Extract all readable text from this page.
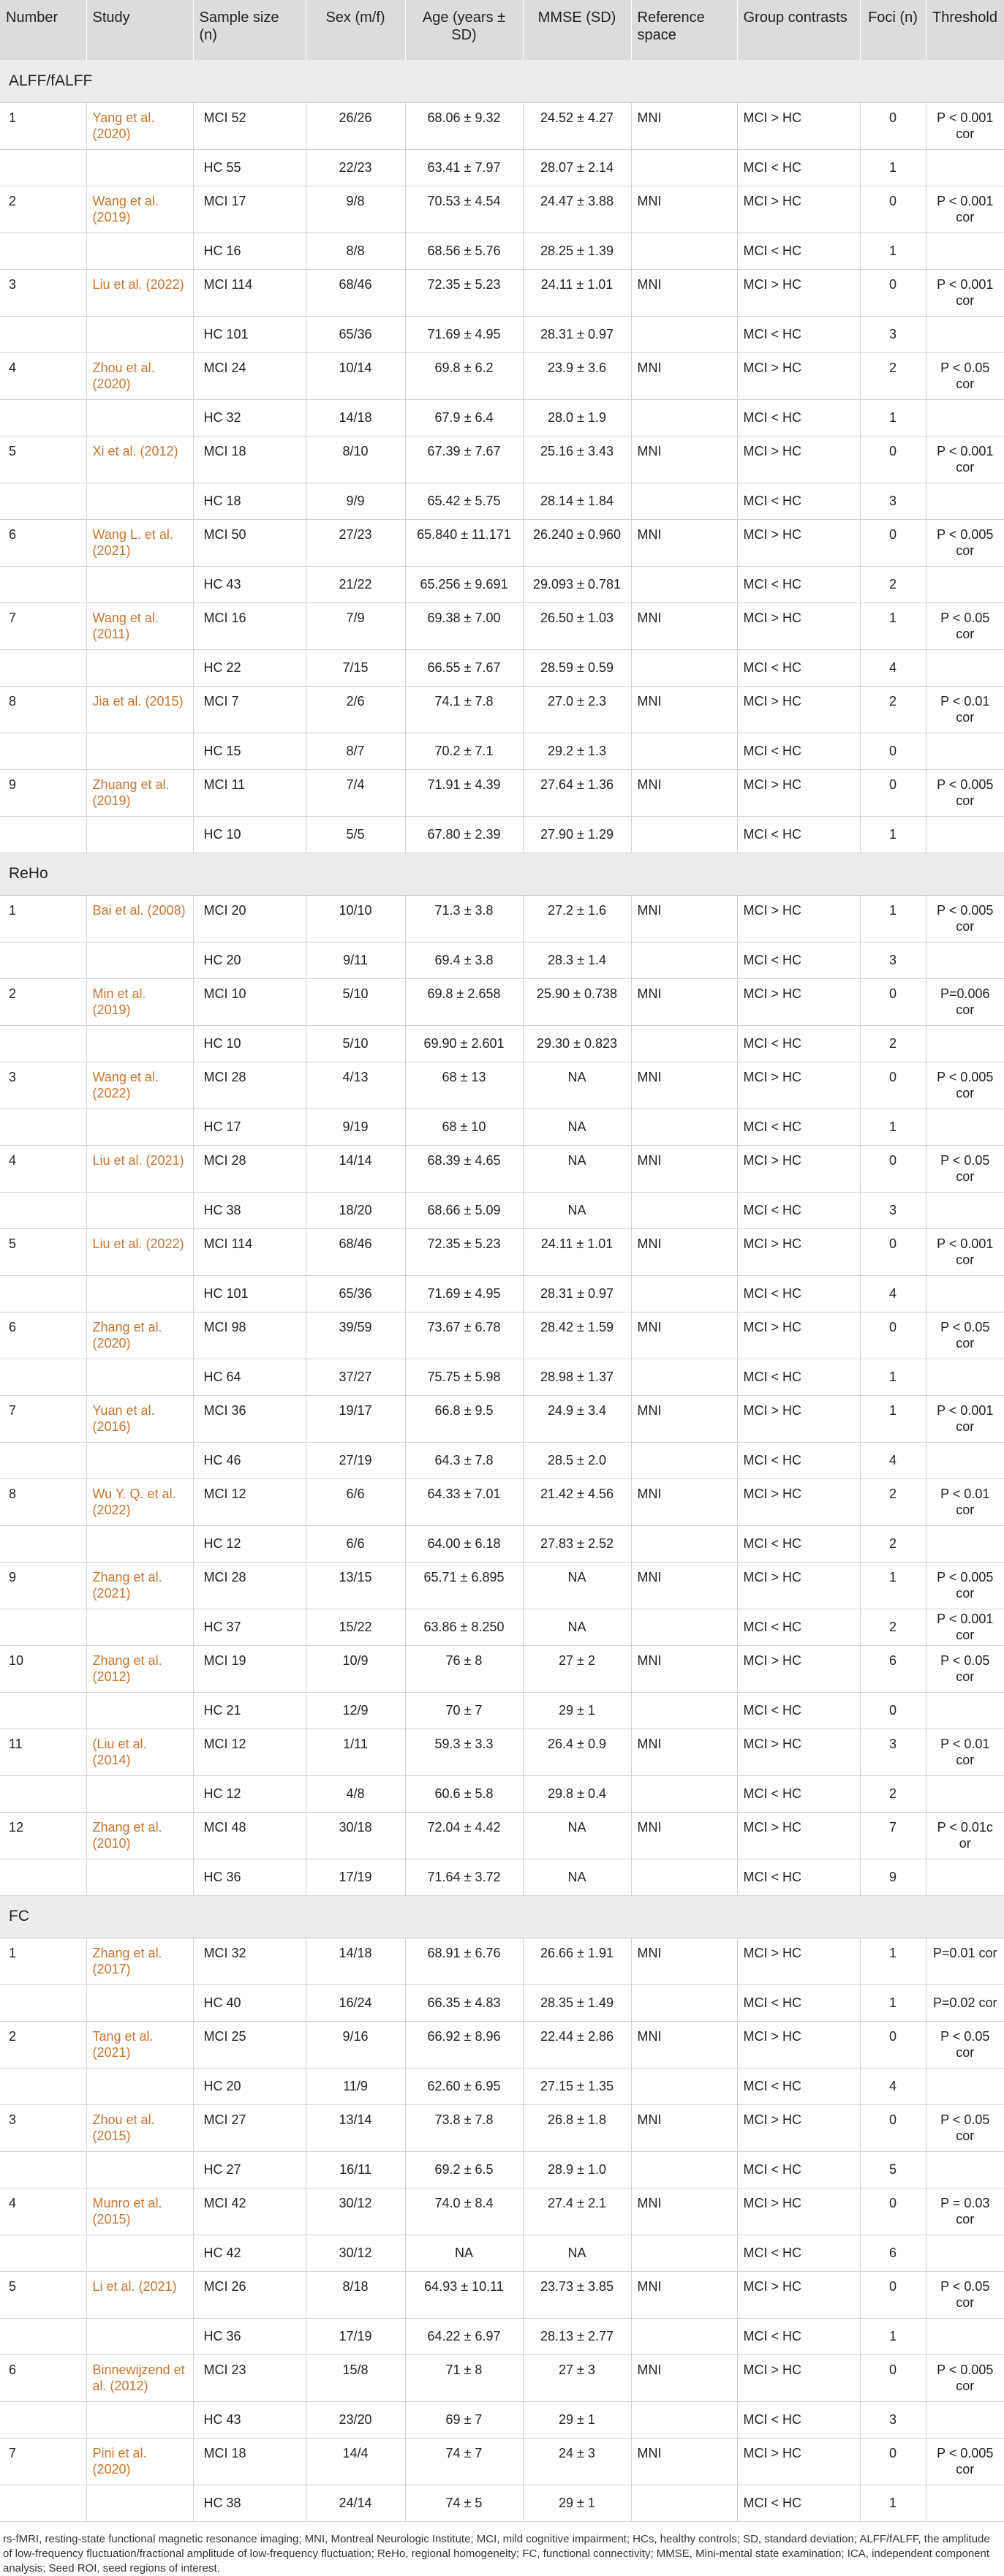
Number	Study	Sample size (n)	Sex (m/f)	Age (years ± SD)	MMSE (SD)	Reference space	Group contrasts	Foci (n)	Threshold
ALFF/fALFF									
1	Yang et al. (2020)	MCI 52	26/26	68.06 ± 9.32	24.52 ± 4.27	MNI	MCI > HC	0	P < 0.001 cor
		HC 55	22/23	63.41 ± 7.97	28.07 ± 2.14		MCI < HC	1	
2	Wang et al. (2019)	MCI 17	9/8	70.53 ± 4.54	24.47 ± 3.88	MNI	MCI > HC	0	P < 0.001 cor
		HC 16	8/8	68.56 ± 5.76	28.25 ± 1.39		MCI < HC	1	
3	Liu et al. (2022)	MCI 114	68/46	72.35 ± 5.23	24.11 ± 1.01	MNI	MCI > HC	0	P < 0.001 cor
		HC 101	65/36	71.69 ± 4.95	28.31 ± 0.97		MCI < HC	3	
4	Zhou et al. (2020)	MCI 24	10/14	69.8 ± 6.2	23.9 ± 3.6	MNI	MCI > HC	2	P < 0.05 cor
		HC 32	14/18	67.9 ± 6.4	28.0 ± 1.9		MCI < HC	1	
5	Xi et al. (2012)	MCI 18	8/10	67.39 ± 7.67	25.16 ± 3.43	MNI	MCI > HC	0	P < 0.001 cor
		HC 18	9/9	65.42 ± 5.75	28.14 ± 1.84		MCI < HC	3	
6	Wang L. et al. (2021)	MCI 50	27/23	65.840 ± 11.171	26.240 ± 0.960	MNI	MCI > HC	0	P < 0.005 cor
		HC 43	21/22	65.256 ± 9.691	29.093 ± 0.781		MCI < HC	2	
7	Wang et al. (2011)	MCI 16	7/9	69.38 ± 7.00	26.50 ± 1.03	MNI	MCI > HC	1	P < 0.05 cor
		HC 22	7/15	66.55 ± 7.67	28.59 ± 0.59		MCI < HC	4	
8	Jia et al. (2015)	MCI 7	2/6	74.1 ± 7.8	27.0 ± 2.3	MNI	MCI > HC	2	P < 0.01 cor
		HC 15	8/7	70.2 ± 7.1	29.2 ± 1.3		MCI < HC	0	
9	Zhuang et al. (2019)	MCI 11	7/4	71.91 ± 4.39	27.64 ± 1.36	MNI	MCI > HC	0	P < 0.005 cor
		HC 10	5/5	67.80 ± 2.39	27.90 ± 1.29		MCI < HC	1	
ReHo									
1	Bai et al. (2008)	MCI 20	10/10	71.3 ± 3.8	27.2 ± 1.6	MNI	MCI > HC	1	P < 0.005 cor
		HC 20	9/11	69.4 ± 3.8	28.3 ± 1.4		MCI < HC	3	
2	Min et al. (2019)	MCI 10	5/10	69.8 ± 2.658	25.90 ± 0.738	MNI	MCI > HC	0	P=0.006 cor
		HC 10	5/10	69.90 ± 2.601	29.30 ± 0.823		MCI < HC	2	
3	Wang et al. (2022)	MCI 28	4/13	68 ± 13	NA	MNI	MCI > HC	0	P < 0.005 cor
		HC 17	9/19	68 ± 10	NA		MCI < HC	1	
4	Liu et al. (2021)	MCI 28	14/14	68.39 ± 4.65	NA	MNI	MCI > HC	0	P < 0.05 cor
		HC 38	18/20	68.66 ± 5.09	NA		MCI < HC	3	
5	Liu et al. (2022)	MCI 114	68/46	72.35 ± 5.23	24.11 ± 1.01	MNI	MCI > HC	0	P < 0.001 cor
		HC 101	65/36	71.69 ± 4.95	28.31 ± 0.97		MCI < HC	4	
6	Zhang et al. (2020)	MCI 98	39/59	73.67 ± 6.78	28.42 ± 1.59	MNI	MCI > HC	0	P < 0.05 cor
		HC 64	37/27	75.75 ± 5.98	28.98 ± 1.37		MCI < HC	1	
7	Yuan et al. (2016)	MCI 36	19/17	66.8 ± 9.5	24.9 ± 3.4	MNI	MCI > HC	1	P < 0.001 cor
		HC 46	27/19	64.3 ± 7.8	28.5 ± 2.0		MCI < HC	4	
8	Wu Y. Q. et al. (2022)	MCI 12	6/6	64.33 ± 7.01	21.42 ± 4.56	MNI	MCI > HC	2	P < 0.01 cor
		HC 12	6/6	64.00 ± 6.18	27.83 ± 2.52		MCI < HC	2	
9	Zhang et al. (2021)	MCI 28	13/15	65.71 ± 6.895	NA	MNI	MCI > HC	1	P < 0.005 cor
		HC 37	15/22	63.86 ± 8.250	NA		MCI < HC	2	P < 0.001 cor
10	Zhang et al. (2012)	MCI 19	10/9	76 ± 8	27 ± 2	MNI	MCI > HC	6	P < 0.05 cor
		HC 21	12/9	70 ± 7	29 ± 1		MCI < HC	0	
11	(Liu et al. (2014)	MCI 12	1/11	59.3 ± 3.3	26.4 ± 0.9	MNI	MCI > HC	3	P < 0.01 cor
		HC 12	4/8	60.6 ± 5.8	29.8 ± 0.4		MCI < HC	2	
12	Zhang et al. (2010)	MCI 48	30/18	72.04 ± 4.42	NA	MNI	MCI > HC	7	P < 0.01c or
		HC 36	17/19	71.64 ± 3.72	NA		MCI < HC	9	
FC									
1	Zhang et al. (2017)	MCI 32	14/18	68.91 ± 6.76	26.66 ± 1.91	MNI	MCI > HC	1	P=0.01 cor
		HC 40	16/24	66.35 ± 4.83	28.35 ± 1.49		MCI < HC	1	P=0.02 cor
2	Tang et al. (2021)	MCI 25	9/16	66.92 ± 8.96	22.44 ± 2.86	MNI	MCI > HC	0	P < 0.05 cor
		HC 20	11/9	62.60 ± 6.95	27.15 ± 1.35		MCI < HC	4	
3	Zhou et al. (2015)	MCI 27	13/14	73.8 ± 7.8	26.8 ± 1.8	MNI	MCI > HC	0	P < 0.05 cor
		HC 27	16/11	69.2 ± 6.5	28.9 ± 1.0		MCI < HC	5	
4	Munro et al. (2015)	MCI 42	30/12	74.0 ± 8.4	27.4 ± 2.1	MNI	MCI > HC	0	P = 0.03 cor
		HC 42	30/12	NA	NA		MCI < HC	6	
5	Li et al. (2021)	MCI 26	8/18	64.93 ± 10.11	23.73 ± 3.85	MNI	MCI > HC	0	P < 0.05 cor
		HC 36	17/19	64.22 ± 6.97	28.13 ± 2.77		MCI < HC	1	
6	Binnewijzend et al. (2012)	MCI 23	15/8	71 ± 8	27 ± 3	MNI	MCI > HC	0	P < 0.005 cor
		HC 43	23/20	69 ± 7	29 ± 1		MCI < HC	3	
7	Pini et al. (2020)	MCI 18	14/4	74 ± 7	24 ± 3	MNI	MCI > HC	0	P < 0.005 cor
		HC 38	24/14	74 ± 5	29 ± 1		MCI < HC	1	
rs-fMRI, resting-state functional magnetic resonance imaging; MNI, Montreal Neurologic Institute; MCI, mild cognitive impairment; HCs, healthy controls; SD, standard deviation; ALFF/fALFF, the amplitude of low-frequency fluctuation/fractional amplitude of low-frequency fluctuation; ReHo, regional homogeneity; FC, functional connectivity; MMSE, Mini-mental state examination; ICA, independent component analysis; Seed ROI, seed regions of interest.
